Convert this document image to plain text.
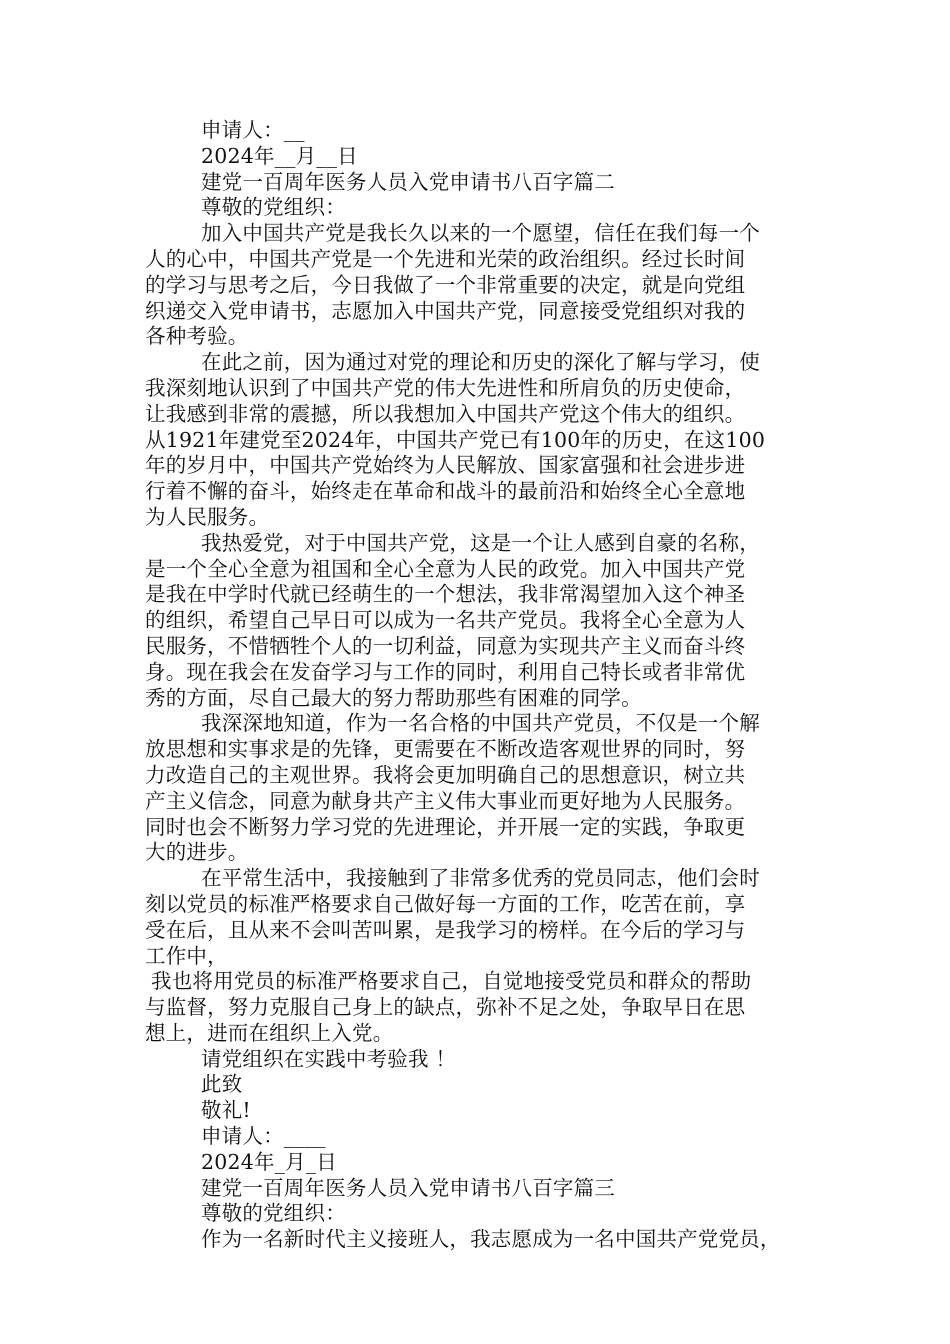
申请人：__
2024年__月__日
建党一百周年医务人员入党申请书八百字篇二
尊敬的党组织：
加入中国共产党是我长久以来的一个愿望，信任在我们每一个
人的心中，中国共产党是一个先进和光荣的政治组织。经过长时间
的学习与思考之后，今日我做了一个非常重要的决定，就是向党组
织递交入党申请书，志愿加入中国共产党，同意接受党组织对我的
各种考验。
在此之前，因为通过对党的理论和历史的深化了解与学习，使
我深刻地认识到了中国共产党的伟大先进性和所肩负的历史使命，
让我感到非常的震撼，所以我想加入中国共产党这个伟大的组织。
从1921年建党至2024年，中国共产党已有100年的历史，在这100
年的岁月中，中国共产党始终为人民解放、国家富强和社会进步进
行着不懈的奋斗，始终走在革命和战斗的最前沿和始终全心全意地
为人民服务。
我热爱党，对于中国共产党，这是一个让人感到自豪的名称，
是一个全心全意为祖国和全心全意为人民的政党。加入中国共产党
是我在中学时代就已经萌生的一个想法，我非常渴望加入这个神圣
的组织，希望自己早日可以成为一名共产党员。我将全心全意为人
民服务，不惜牺牲个人的一切利益，同意为实现共产主义而奋斗终
身。现在我会在发奋学习与工作的同时，利用自己特长或者非常优
秀的方面，尽自己最大的努力帮助那些有困难的同学。
我深深地知道，作为一名合格的中国共产党员，不仅是一个解
放思想和实事求是的先锋，更需要在不断改造客观世界的同时，努
力改造自己的主观世界。我将会更加明确自己的思想意识，树立共
产主义信念，同意为献身共产主义伟大事业而更好地为人民服务。
同时也会不断努力学习党的先进理论，并开展一定的实践，争取更
大的进步。
在平常生活中，我接触到了非常多优秀的党员同志，他们会时
刻以党员的标准严格要求自己做好每一方面的工作，吃苦在前，享
受在后，且从来不会叫苦叫累，是我学习的榜样。在今后的学习与
工作中，
我也将用党员的标准严格要求自己，自觉地接受党员和群众的帮助
与监督，努力克服自己身上的缺点，弥补不足之处，争取早日在思
想上，进而在组织上入党。
请党组织在实践中考验我 ！
此致
敬礼!
申请人：____
2024年_月_日
建党一百周年医务人员入党申请书八百字篇三
尊敬的党组织：
作为一名新时代主义接班人，我志愿成为一名中国共产党党员，
